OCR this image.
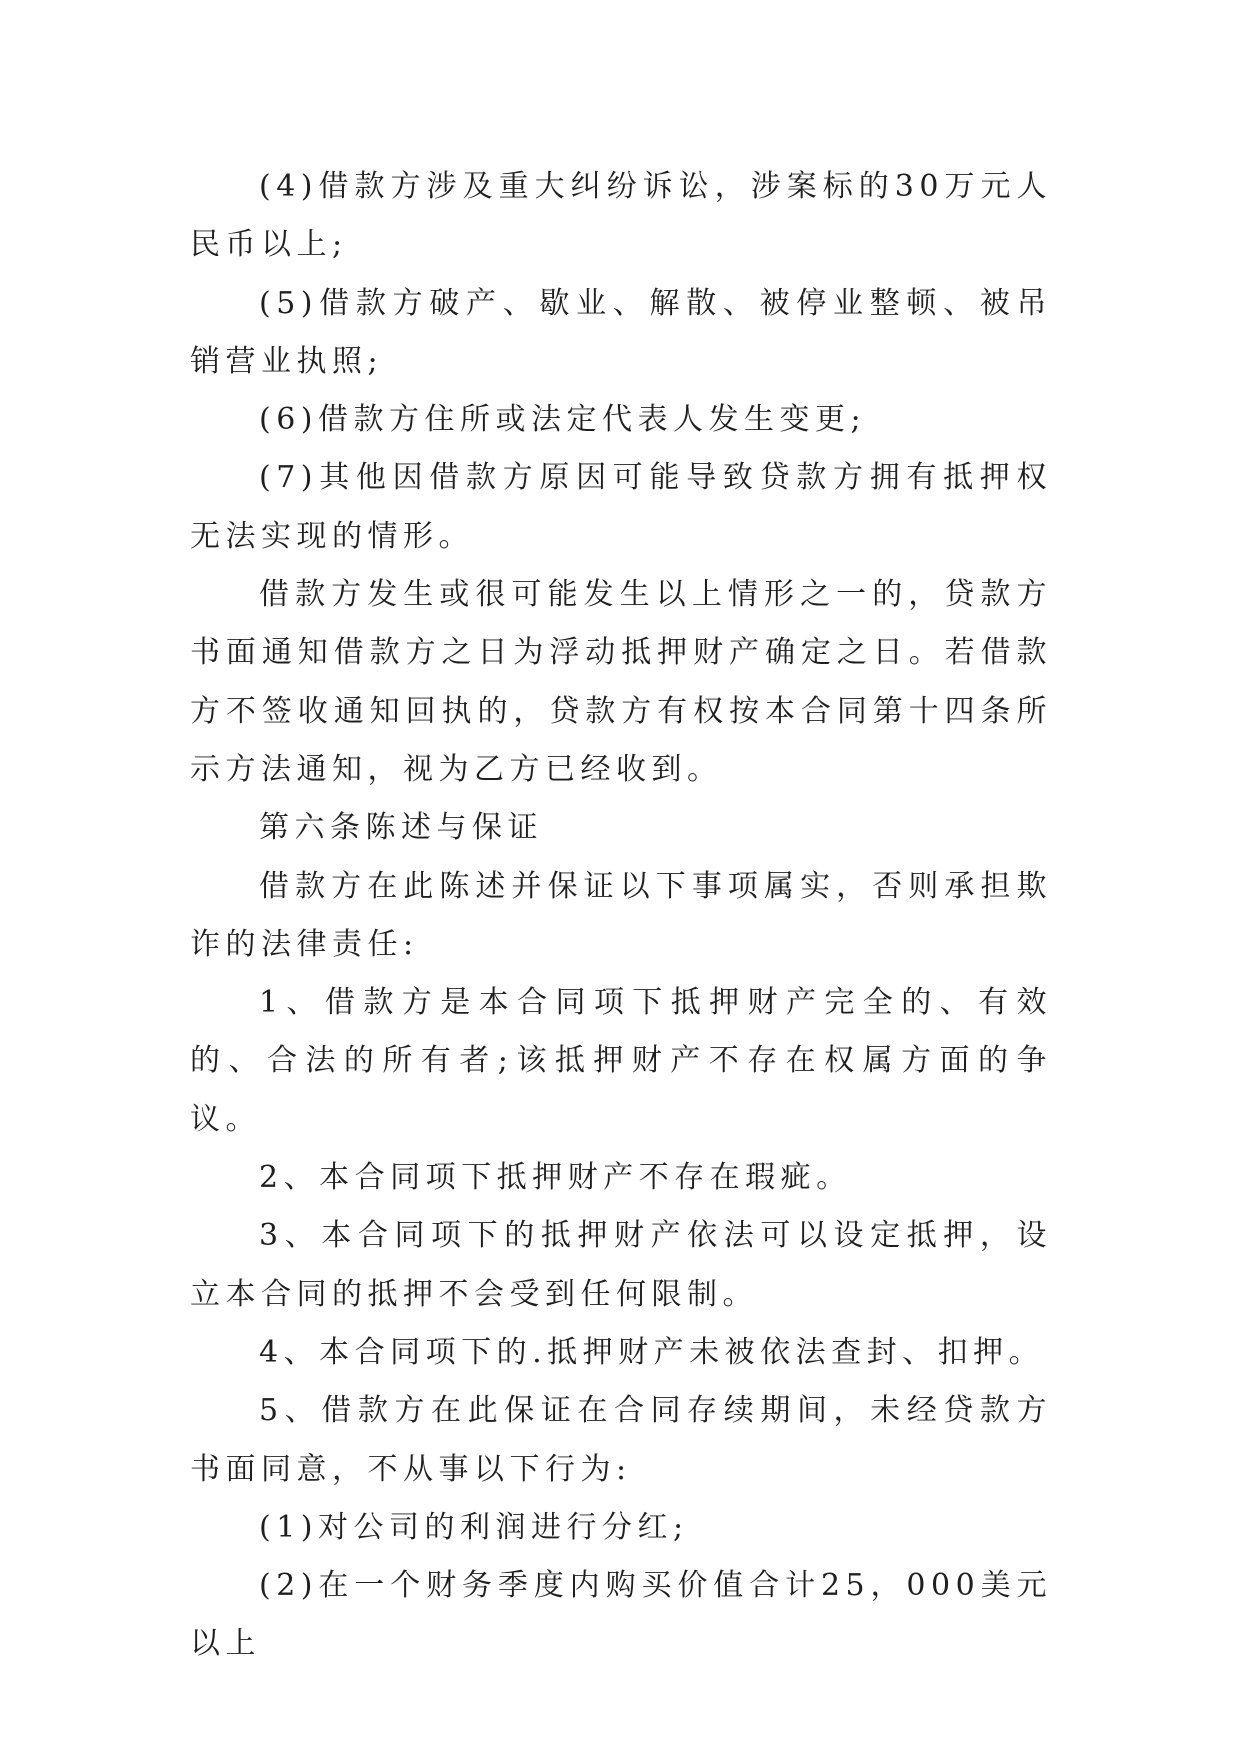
(4)借款方涉及重大纠纷诉讼，涉案标的30万元人民币以上;

(5)借款方破产、歇业、解散、被停业整顿、被吊销营业执照;

(6)借款方住所或法定代表人发生变更;

(7)其他因借款方原因可能导致贷款方拥有抵押权无法实现的情形。

借款方发生或很可能发生以上情形之一的，贷款方书面通知借款方之日为浮动抵押财产确定之日。若借款方不签收通知回执的，贷款方有权按本合同第十四条所示方法通知，视为乙方已经收到。

第六条陈述与保证

借款方在此陈述并保证以下事项属实，否则承担欺诈的法律责任:

1、借款方是本合同项下抵押财产完全的、有效的、合法的所有者;该抵押财产不存在权属方面的争议。

2、本合同项下抵押财产不存在瑕疵。

3、本合同项下的抵押财产依法可以设定抵押，设立本合同的抵押不会受到任何限制。

4、本合同项下的.抵押财产未被依法查封、扣押。

5、借款方在此保证在合同存续期间，未经贷款方书面同意，不从事以下行为:

(1)对公司的利润进行分红;

(2)在一个财务季度内购买价值合计25，000美元以上
